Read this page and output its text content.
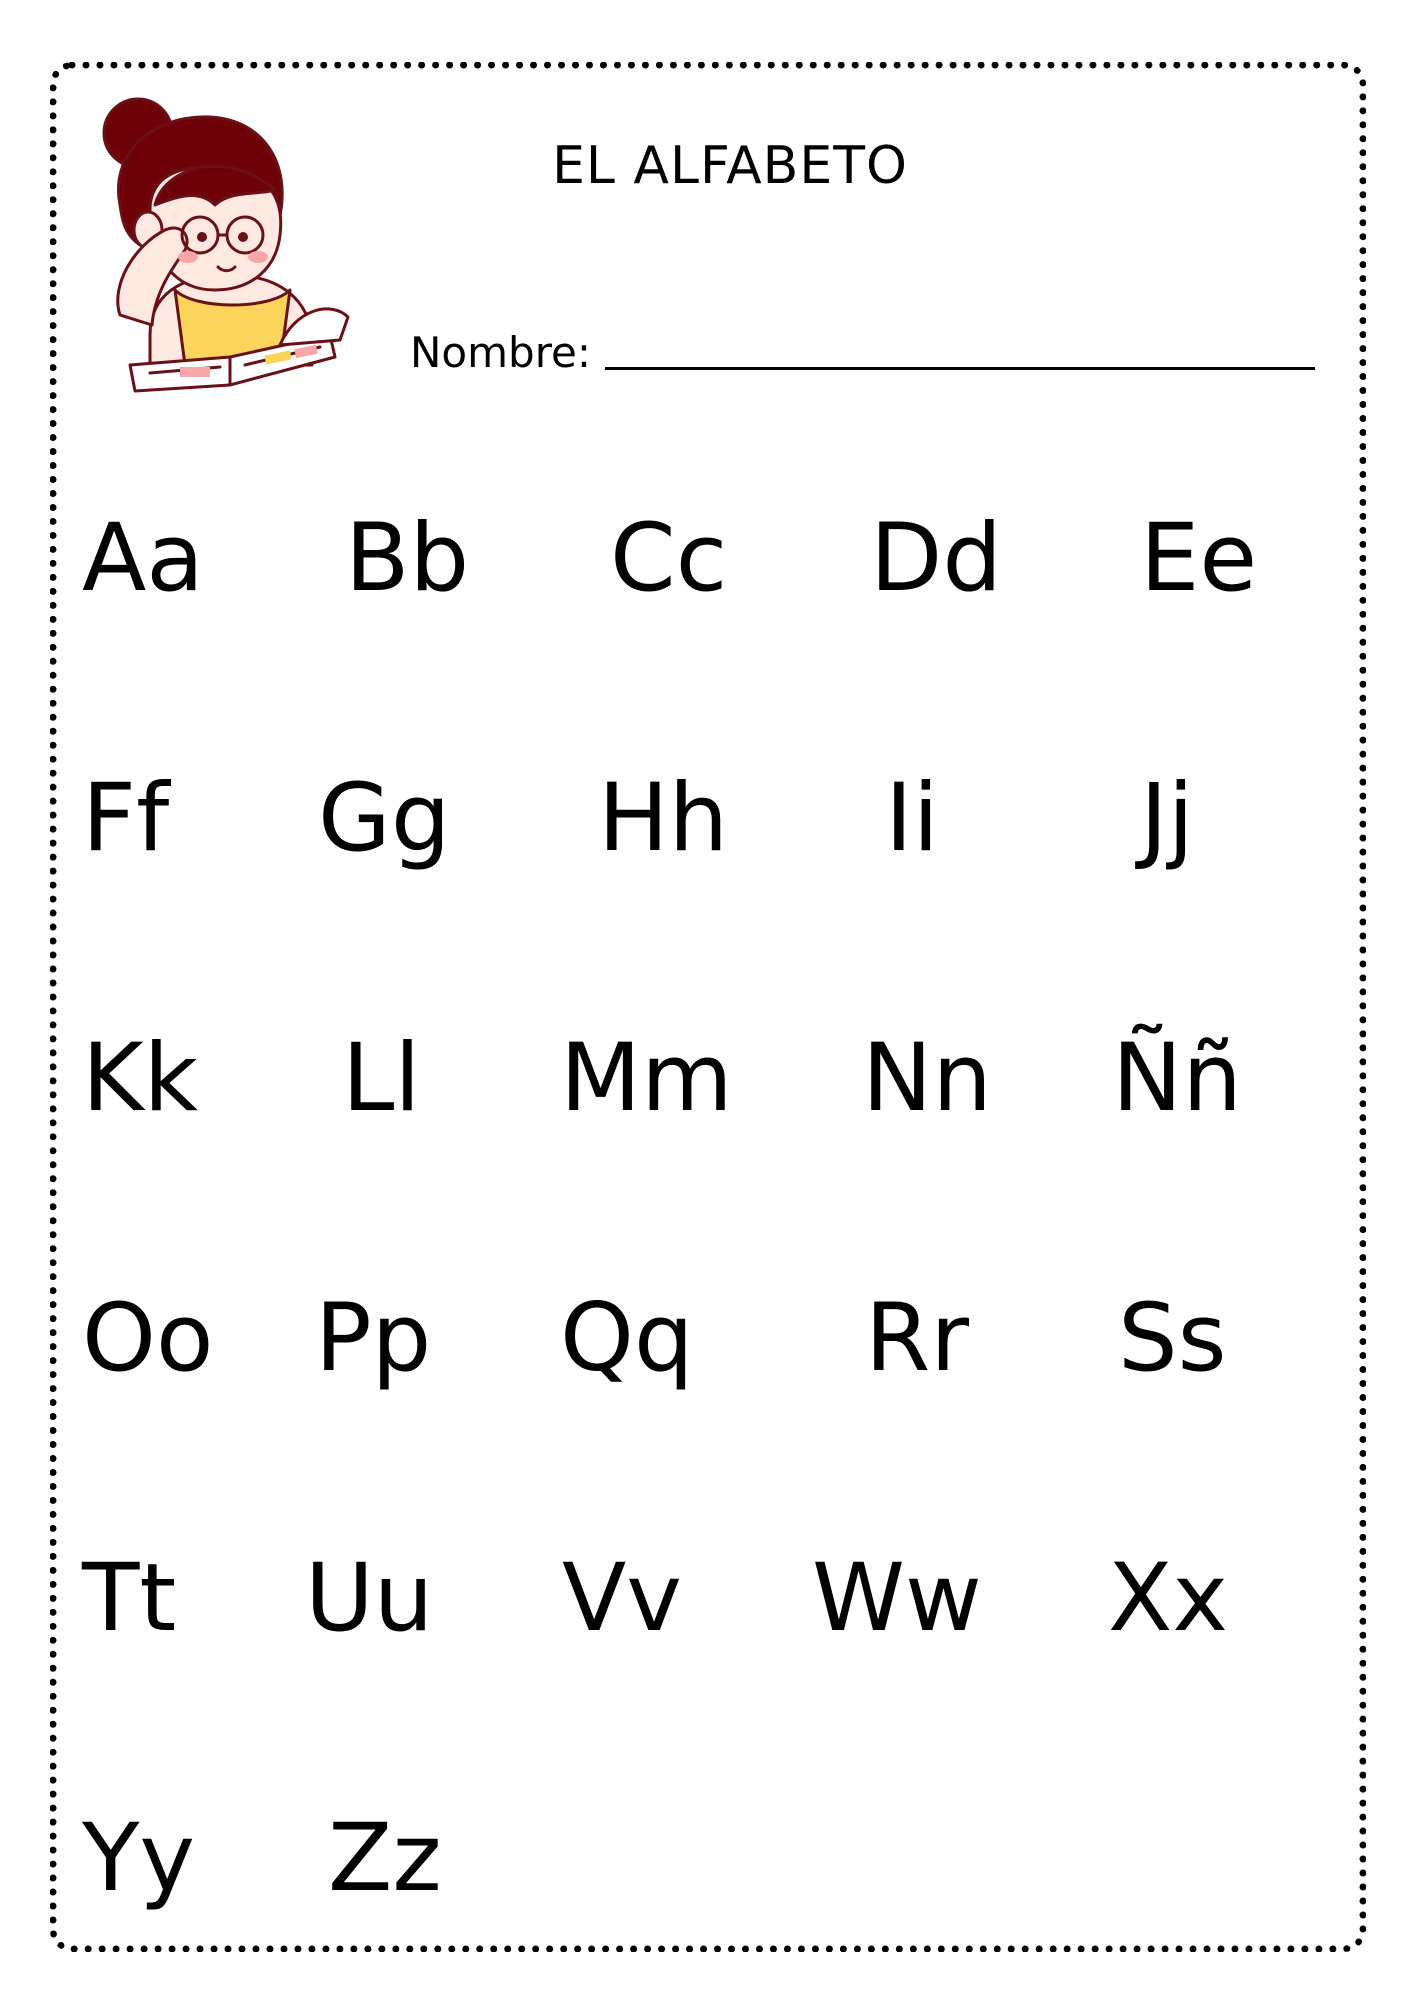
EL ALFABETO
Nombre:
Aa Bb Cc Dd Ee
Ff Gg Hh Ii Jj
Kk Ll Mm Nn Ññ
Oo Pp Qq Rr Ss
Tt Uu Vv Ww Xx
Yy Zz
